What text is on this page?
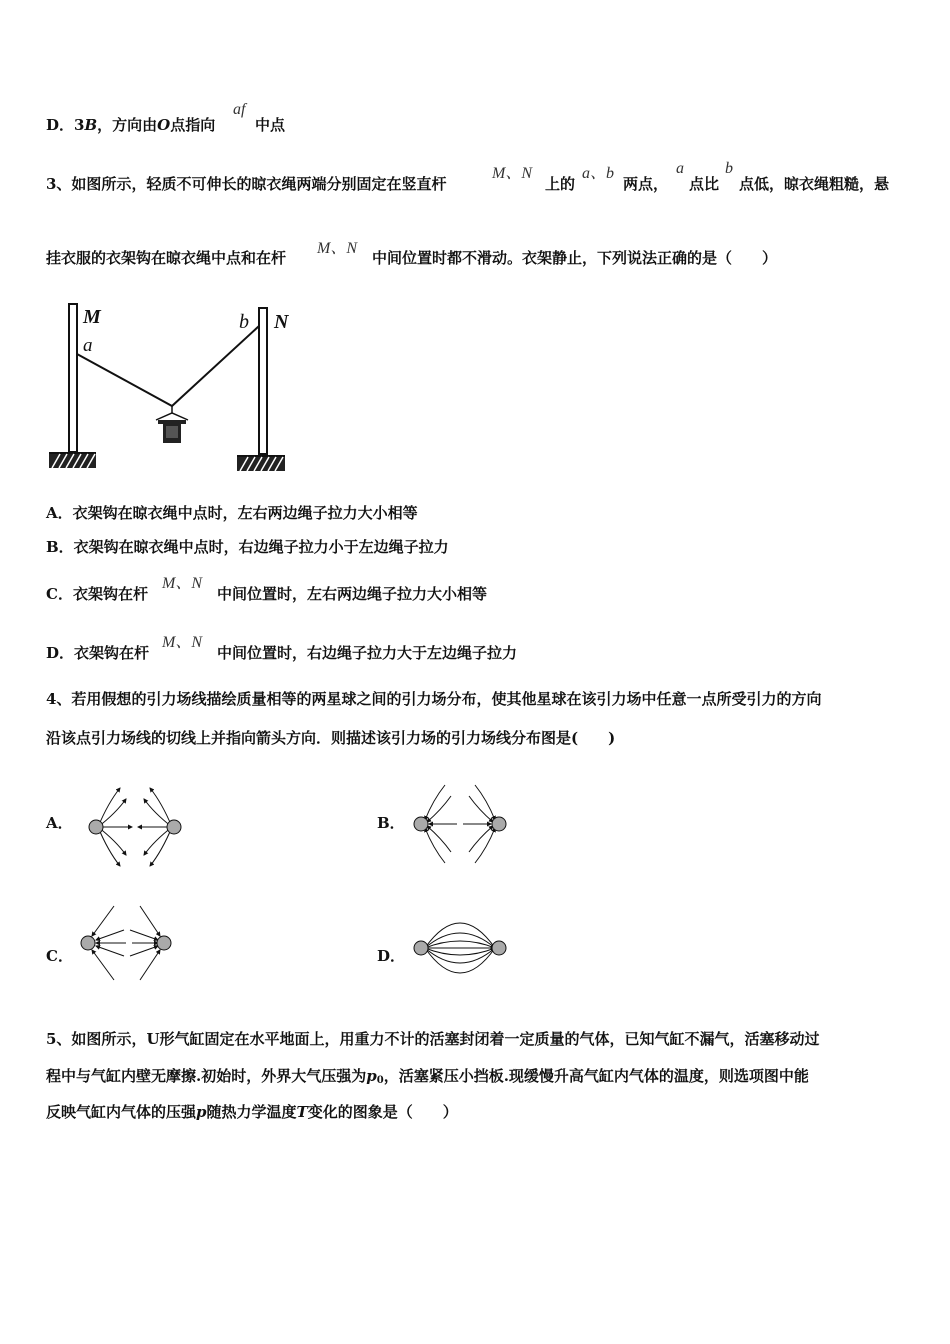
D．3B，方向由O点指向
af
中点
3、如图所示，轻质不可伸长的晾衣绳两端分别固定在竖直杆
M、N
上的
a、b
两点，
a
点比
b
点低，晾衣绳粗糙，悬
挂衣服的衣架钩在晾衣绳中点和在杆
M、N
中间位置时都不滑动。衣架静止，下列说法正确的是（　　）
M
a
b N
A．衣架钩在晾衣绳中点时，左右两边绳子拉力大小相等
B．衣架钩在晾衣绳中点时，右边绳子拉力小于左边绳子拉力
C．衣架钩在杆
M、N
中间位置时，左右两边绳子拉力大小相等
D．衣架钩在杆
M、N
中间位置时，右边绳子拉力大于左边绳子拉力
4、若用假想的引力场线描绘质量相等的两星球之间的引力场分布，使其他星球在该引力场中任意一点所受引力的方向
沿该点引力场线的切线上并指向箭头方向．则描述该引力场的引力场线分布图是(　　)
A．	B．
C．	D．
5、如图所示，U形气缸固定在水平地面上，用重力不计的活塞封闭着一定质量的气体，已知气缸不漏气，活塞移动过
程中与气缸内壁无摩擦.初始时，外界大气压强为$p_0$，活塞紧压小挡板.现缓慢升高气缸内气体的温度，则选项图中能
反映气缸内气体的压强p随热力学温度T变化的图象是（　　）
